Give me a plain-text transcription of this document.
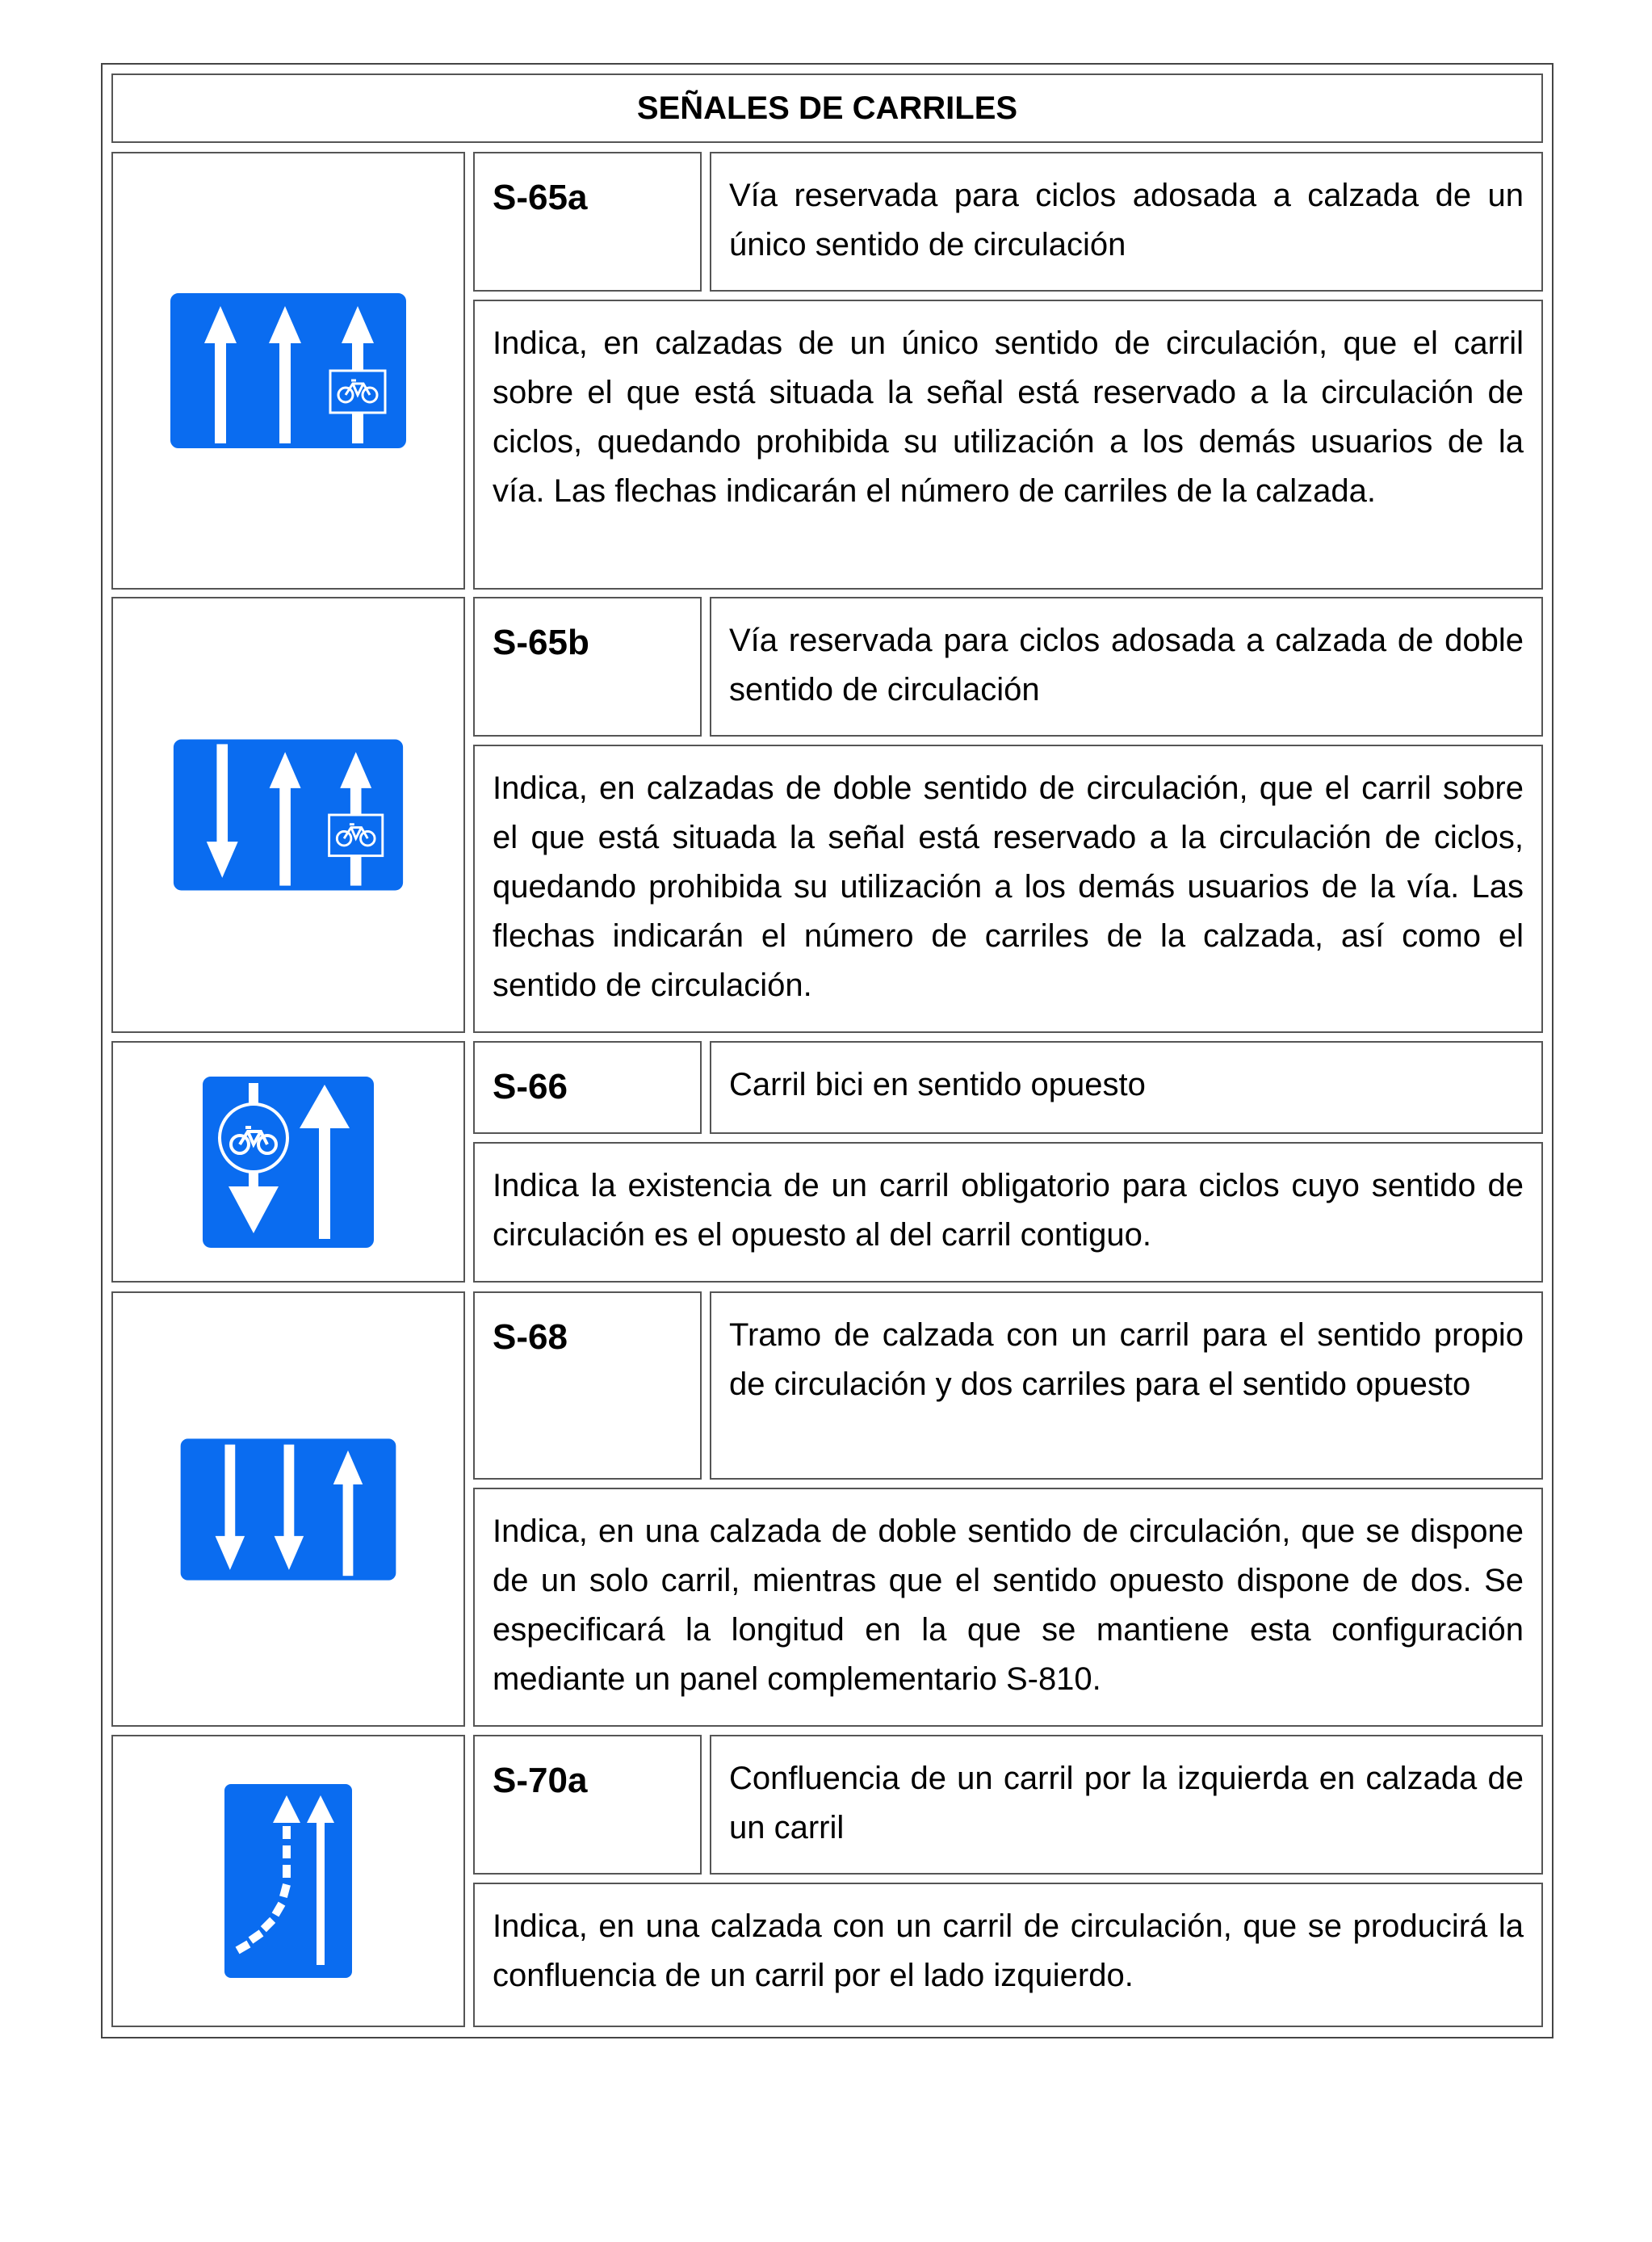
SEÑALES DE CARRILES
S-65a	Vía reservada para ciclos adosada a calzada de un único sentido de circulación
Indica, en calzadas de un único sentido de circulación, que el carril sobre el que está situada la señal está reservado a la circulación de ciclos, quedando prohibida su utilización a los demás usuarios de la vía. Las flechas indicarán el número de carriles de la calzada.
S-65b	Vía reservada para ciclos adosada a calzada de doble sentido de circulación
Indica, en calzadas de doble sentido de circulación, que el carril sobre el que está situada la señal está reservado a la circulación de ciclos, quedando prohibida su utilización a los demás usuarios de la vía. Las flechas indicarán el número de carriles de la calzada, así como el sentido de circulación.
S-66	Carril bici en sentido opuesto
Indica la existencia de un carril obligatorio para ciclos cuyo sentido de circulación es el opuesto al del carril contiguo.
S-68	Tramo de calzada con un carril para el sentido propio de circulación y dos carriles para el sentido opuesto
Indica, en una calzada de doble sentido de circulación, que se dispone de un solo carril, mientras que el sentido opuesto dispone de dos. Se especificará la longitud en la que se mantiene esta configuración mediante un panel complementario S-810.
S-70a	Confluencia de un carril por la izquierda en calzada de un carril
Indica, en una calzada con un carril de circulación, que se producirá la confluencia de un carril por el lado izquierdo.
